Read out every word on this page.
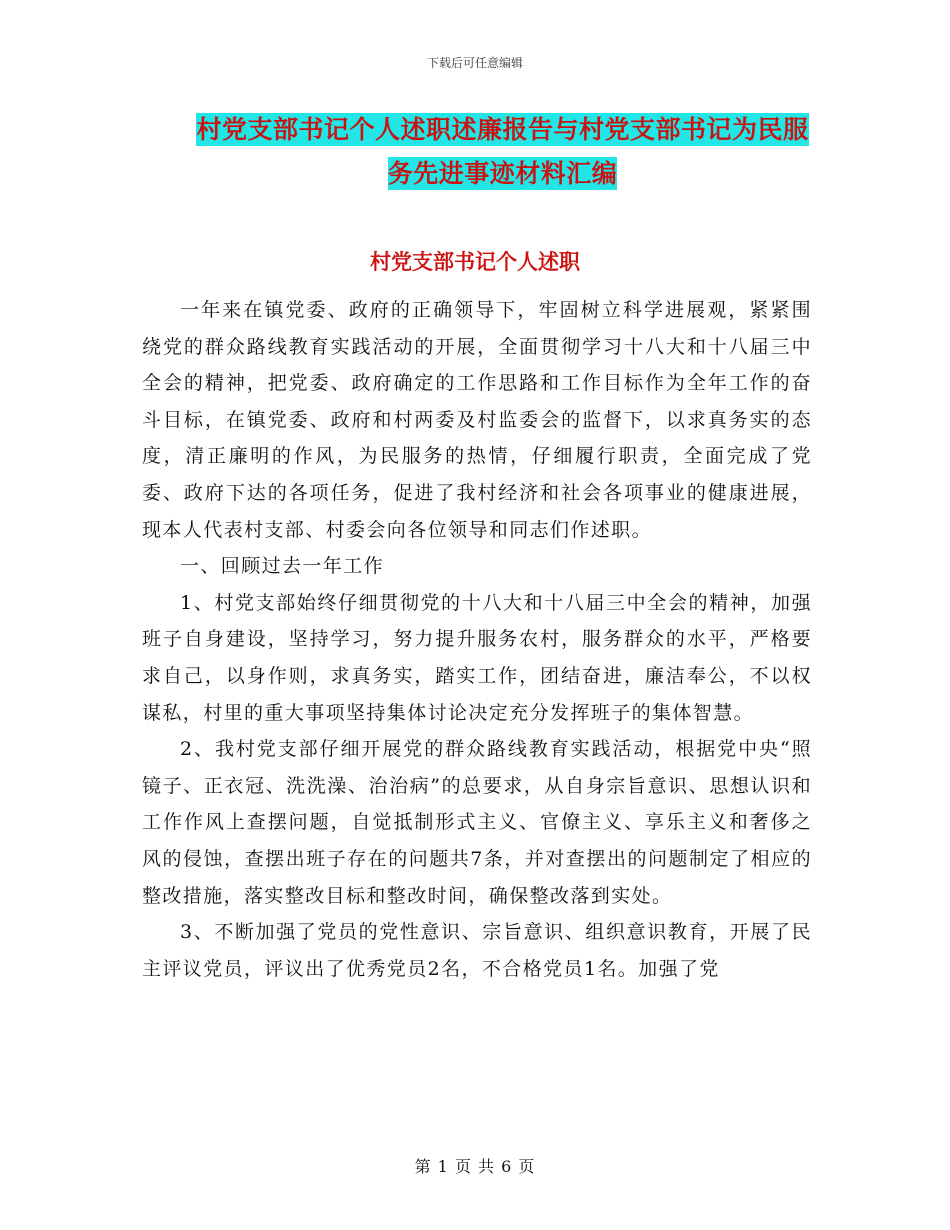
下载后可任意编辑
村党支部书记个人述职述廉报告与村党支部书记为民服务先进事迹材料汇编
村党支部书记个人述职

一年来在镇党委、政府的正确领导下，牢固树立科学进展观，紧紧围绕党的群众路线教育实践活动的开展，全面贯彻学习十八大和十八届三中全会的精神，把党委、政府确定的工作思路和工作目标作为全年工作的奋斗目标，在镇党委、政府和村两委及村监委会的监督下，以求真务实的态度，清正廉明的作风，为民服务的热情，仔细履行职责，全面完成了党委、政府下达的各项任务，促进了我村经济和社会各项事业的健康进展，现本人代表村支部、村委会向各位领导和同志们作述职。

一、回顾过去一年工作

1、村党支部始终仔细贯彻党的十八大和十八届三中全会的精神，加强班子自身建设，坚持学习，努力提升服务农村，服务群众的水平，严格要求自己，以身作则，求真务实，踏实工作，团结奋进，廉洁奉公，不以权谋私，村里的重大事项坚持集体讨论决定充分发挥班子的集体智慧。

2、我村党支部仔细开展党的群众路线教育实践活动，根据党中央“照镜子、正衣冠、洗洗澡、治治病”的总要求，从自身宗旨意识、思想认识和工作作风上查摆问题，自觉抵制形式主义、官僚主义、享乐主义和奢侈之风的侵蚀，查摆出班子存在的问题共7条，并对查摆出的问题制定了相应的整改措施，落实整改目标和整改时间，确保整改落到实处。

3、不断加强了党员的党性意识、宗旨意识、组织意识教育，开展了民主评议党员，评议出了优秀党员2名，不合格党员1名。加强了党

第 1 页 共 6 页
